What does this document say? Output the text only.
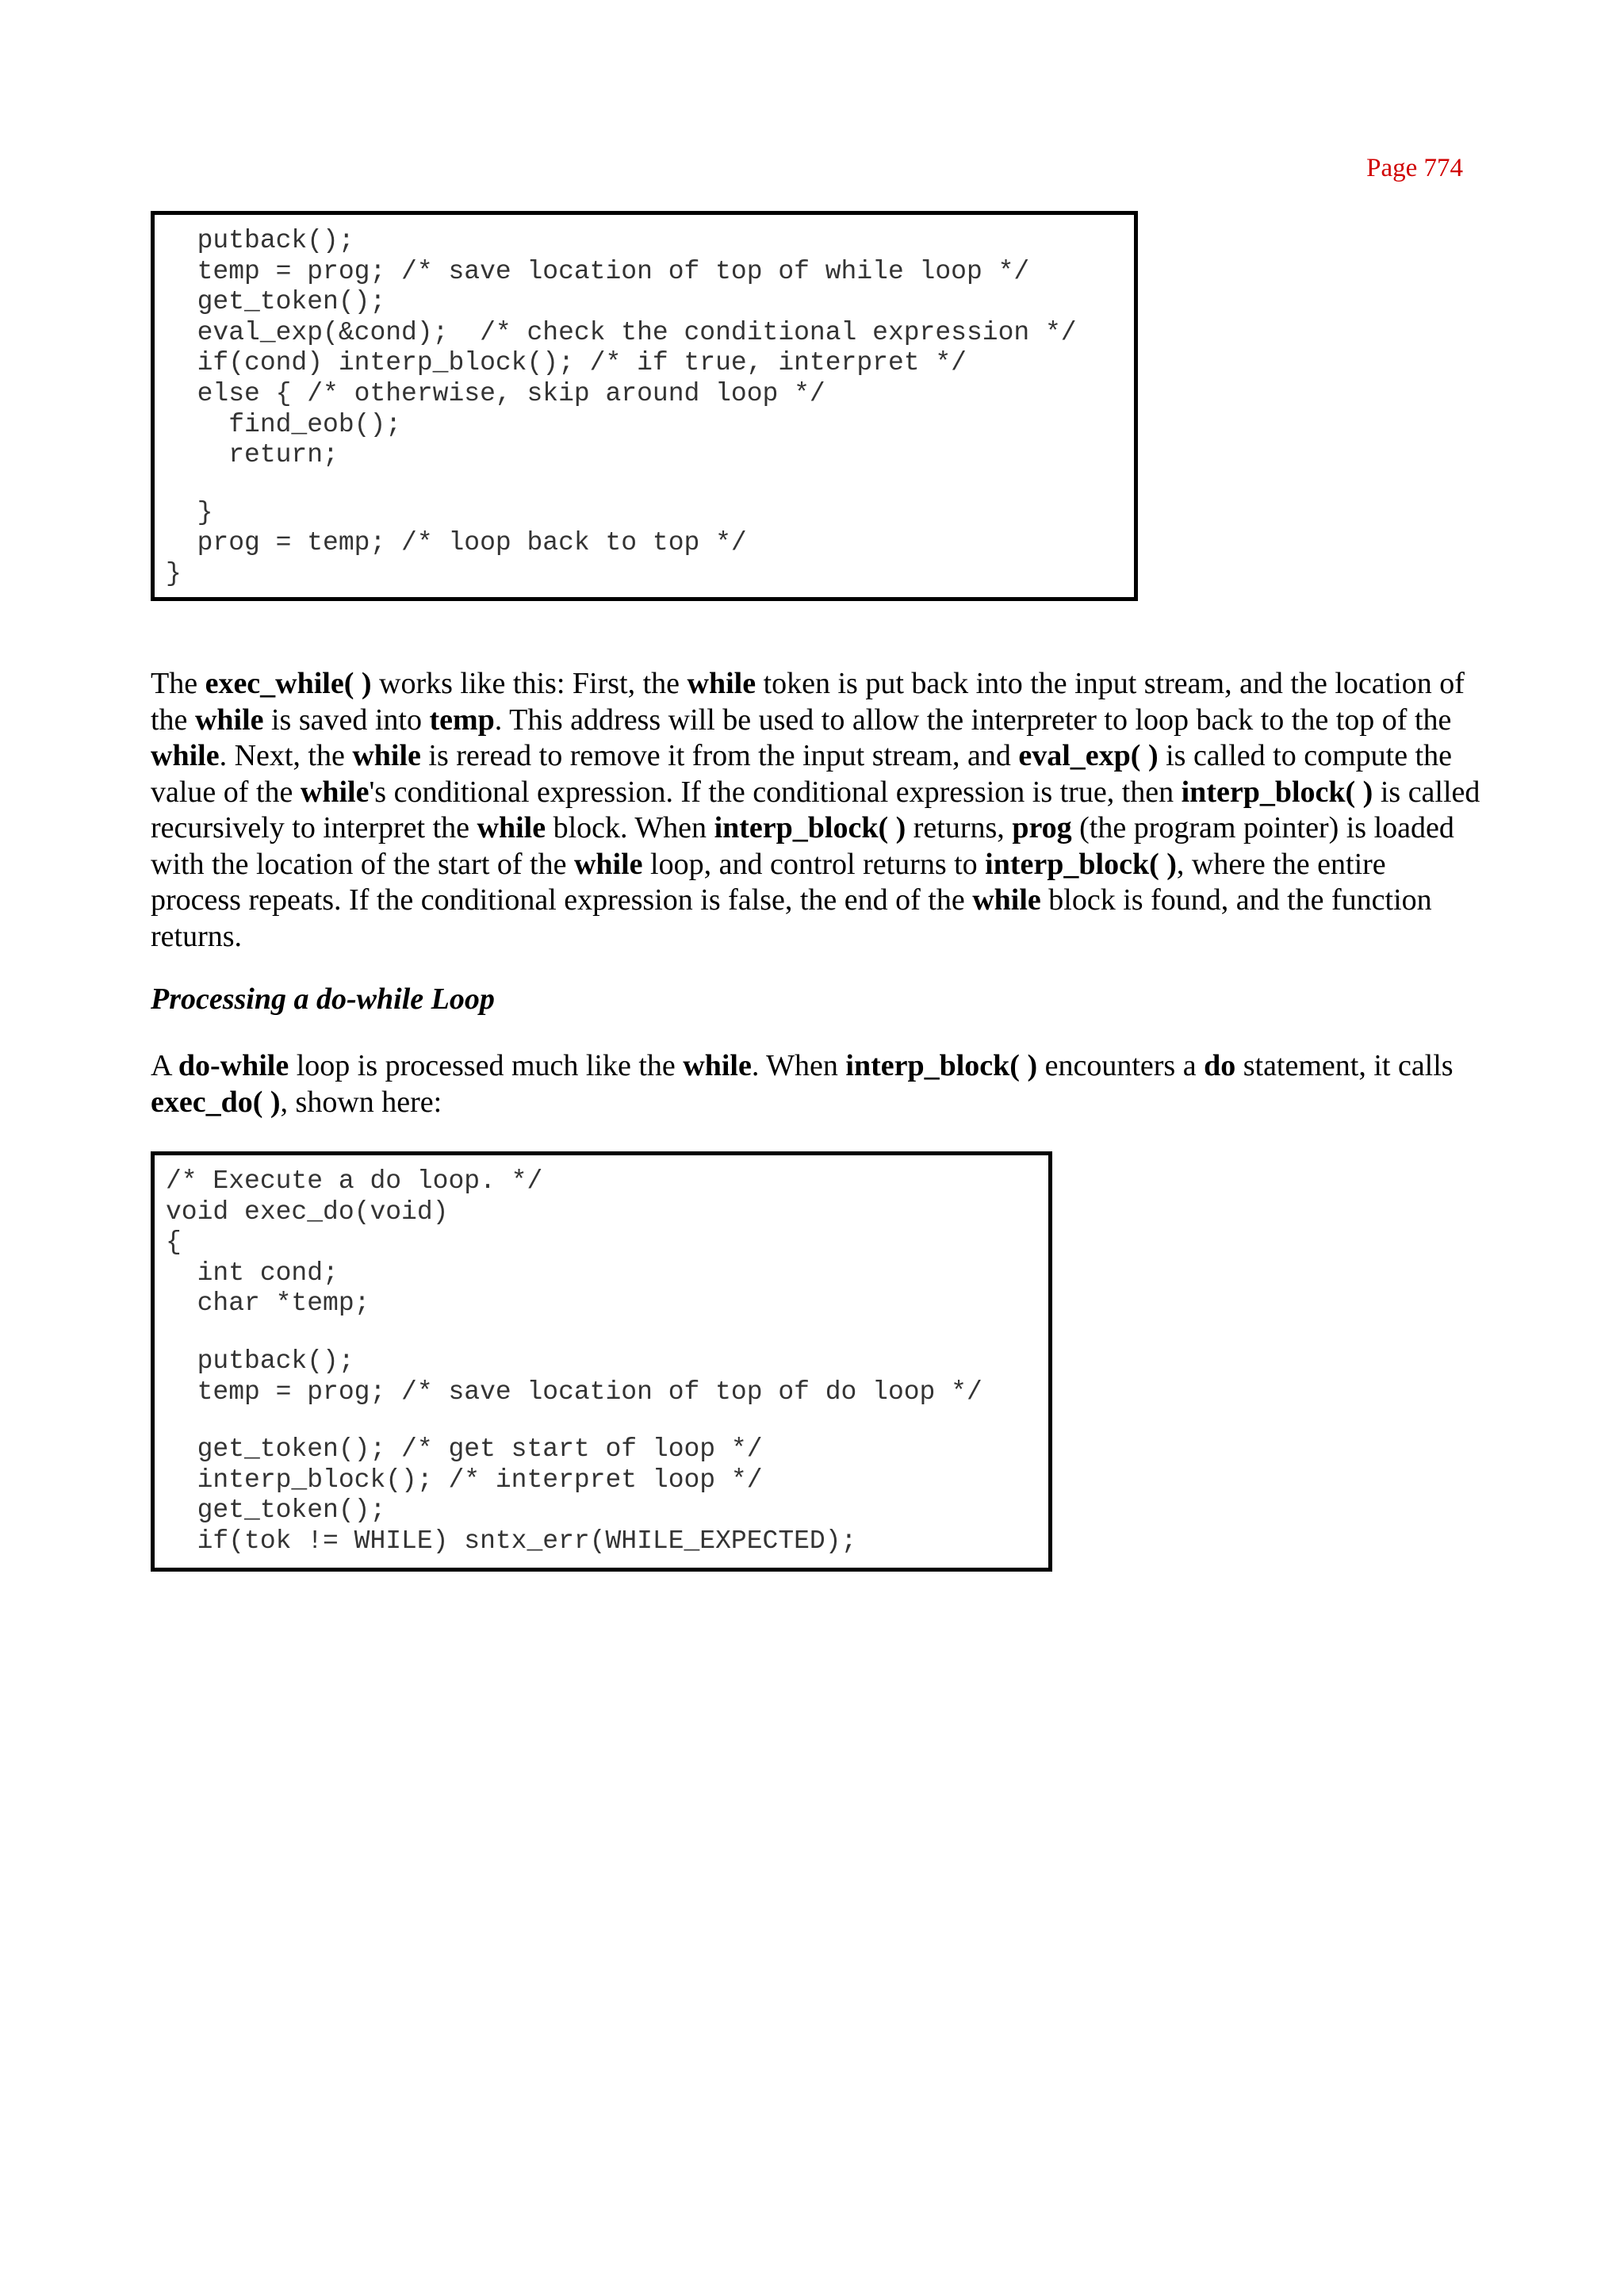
Page 774
putback();
temp = prog; /* save location of top of while loop */
get_token();
eval_exp(&cond);  /* check the conditional expression */
if(cond) interp_block(); /* if true, interpret */
else { /* otherwise, skip around loop */
find_eob();
return;
}
prog = temp; /* loop back to top */
}

The exec_while( ) works like this: First, the while token is put back into the input stream, and the location of the while is saved into temp. This address will be used to allow the interpreter to loop back to the top of the while. Next, the while is reread to remove it from the input stream, and eval_exp( ) is called to compute the value of the while's conditional expression. If the conditional expression is true, then interp_block( ) is called recursively to interpret the while block. When interp_block( ) returns, prog (the program pointer) is loaded with the location of the start of the while loop, and control returns to interp_block( ), where the entire process repeats. If the conditional expression is false, the end of the while block is found, and the function returns.

Processing a do-while Loop

A do-while loop is processed much like the while. When interp_block( ) encounters a do statement, it calls exec_do( ), shown here:

/* Execute a do loop. */
void exec_do(void)
{
int cond;
char *temp;
putback();
temp = prog; /* save location of top of do loop */
get_token(); /* get start of loop */
interp_block(); /* interpret loop */
get_token();
if(tok != WHILE) sntx_err(WHILE_EXPECTED);
